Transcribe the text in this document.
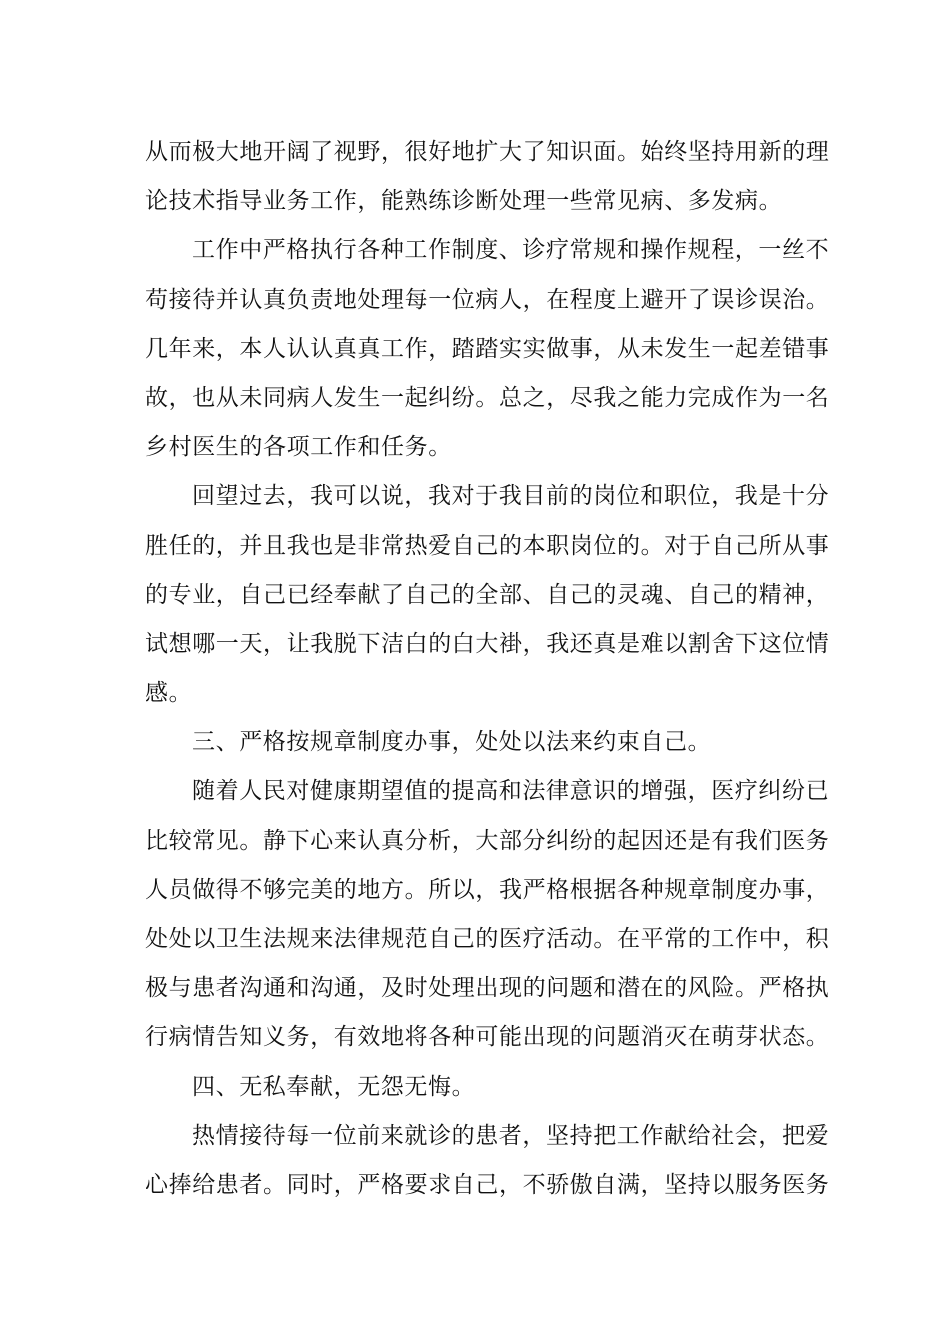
从而极大地开阔了视野，很好地扩大了知识面。始终坚持用新的理
论技术指导业务工作，能熟练诊断处理一些常见病、多发病。
工作中严格执行各种工作制度、诊疗常规和操作规程，一丝不
苟接待并认真负责地处理每一位病人，在程度上避开了误诊误治。
几年来，本人认认真真工作，踏踏实实做事，从未发生一起差错事
故，也从未同病人发生一起纠纷。总之，尽我之能力完成作为一名
乡村医生的各项工作和任务。
回望过去，我可以说，我对于我目前的岗位和职位，我是十分
胜任的，并且我也是非常热爱自己的本职岗位的。对于自己所从事
的专业，自己已经奉献了自己的全部、自己的灵魂、自己的精神，
试想哪一天，让我脱下洁白的白大褂，我还真是难以割舍下这位情
感。
三、严格按规章制度办事，处处以法来约束自己。
随着人民对健康期望值的提高和法律意识的增强，医疗纠纷已
比较常见。静下心来认真分析，大部分纠纷的起因还是有我们医务
人员做得不够完美的地方。所以，我严格根据各种规章制度办事，
处处以卫生法规来法律规范自己的医疗活动。在平常的工作中，积
极与患者沟通和沟通，及时处理出现的问题和潜在的风险。严格执
行病情告知义务，有效地将各种可能出现的问题消灭在萌芽状态。
四、无私奉献，无怨无悔。
热情接待每一位前来就诊的患者，坚持把工作献给社会，把爱
心捧给患者。同时，严格要求自己，不骄傲自满，坚持以服务医务
